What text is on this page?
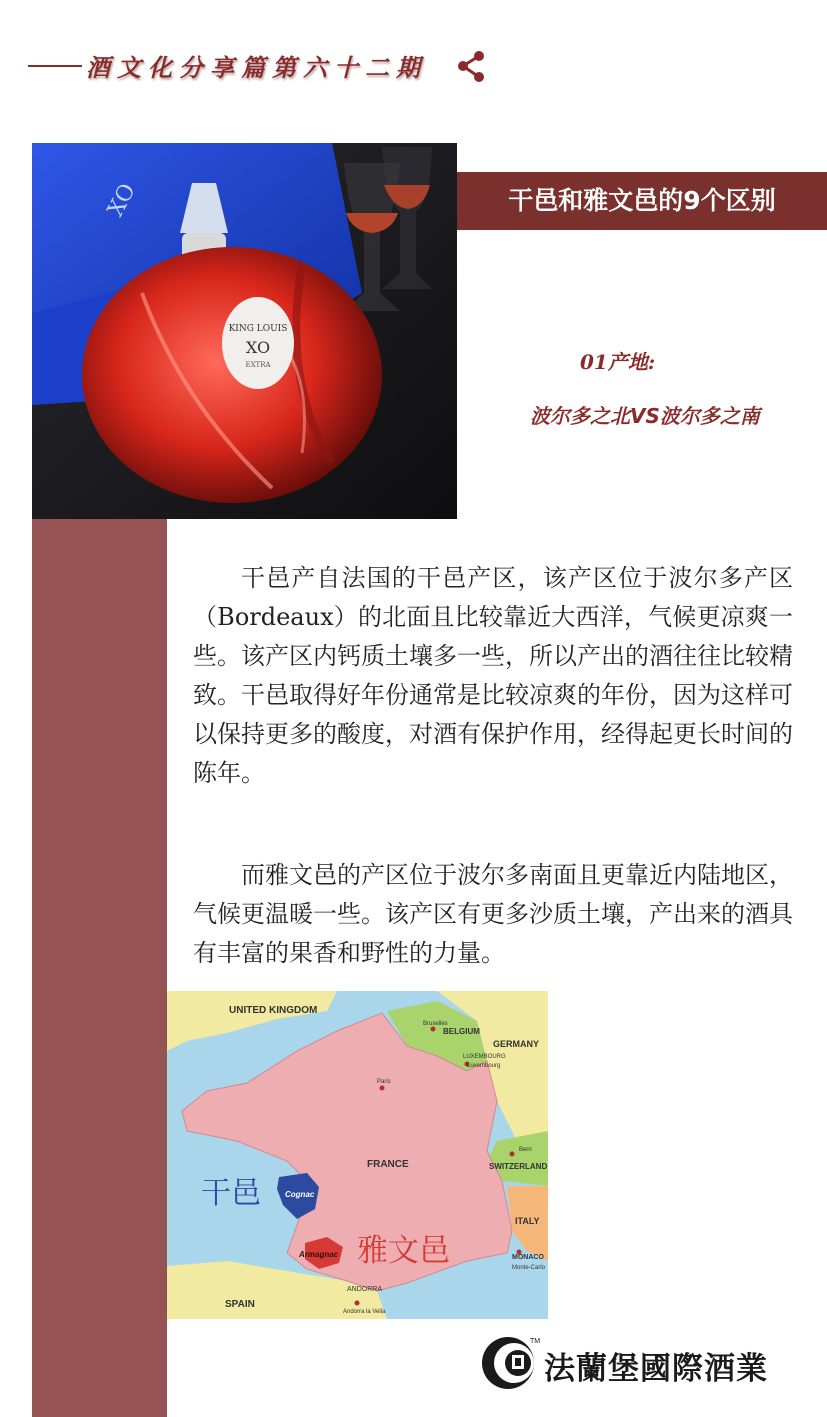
酒文化分享篇第六十二期
XO
KING LOUIS
XO
EXTRA
干邑和雅文邑的9个区别
01产地:
波尔多之北VS波尔多之南
干邑产自法国的干邑产区，该产区位于波尔多产区（Bordeaux）的北面且比较靠近大西洋，气候更凉爽一些。该产区内钙质土壤多一些，所以产出的酒往往比较精致。干邑取得好年份通常是比较凉爽的年份，因为这样可以保持更多的酸度，对酒有保护作用，经得起更长时间的陈年。
而雅文邑的产区位于波尔多南面且更靠近内陆地区，气候更温暖一些。该产区有更多沙质土壤，产出来的酒具有丰富的果香和野性的力量。
UNITED KINGDOM
BELGIUM
Bruxelles
GERMANY
LUXEMBOURG
Luxembourg
Paris
FRANCE
Bern
SWITZERLAND
ITALY
MONACO
Monte-Carlo
ANDORRA
Andorra la Vella
SPAIN
Cognac
Armagnac
干邑
雅文邑
TM
法蘭堡國際酒業
